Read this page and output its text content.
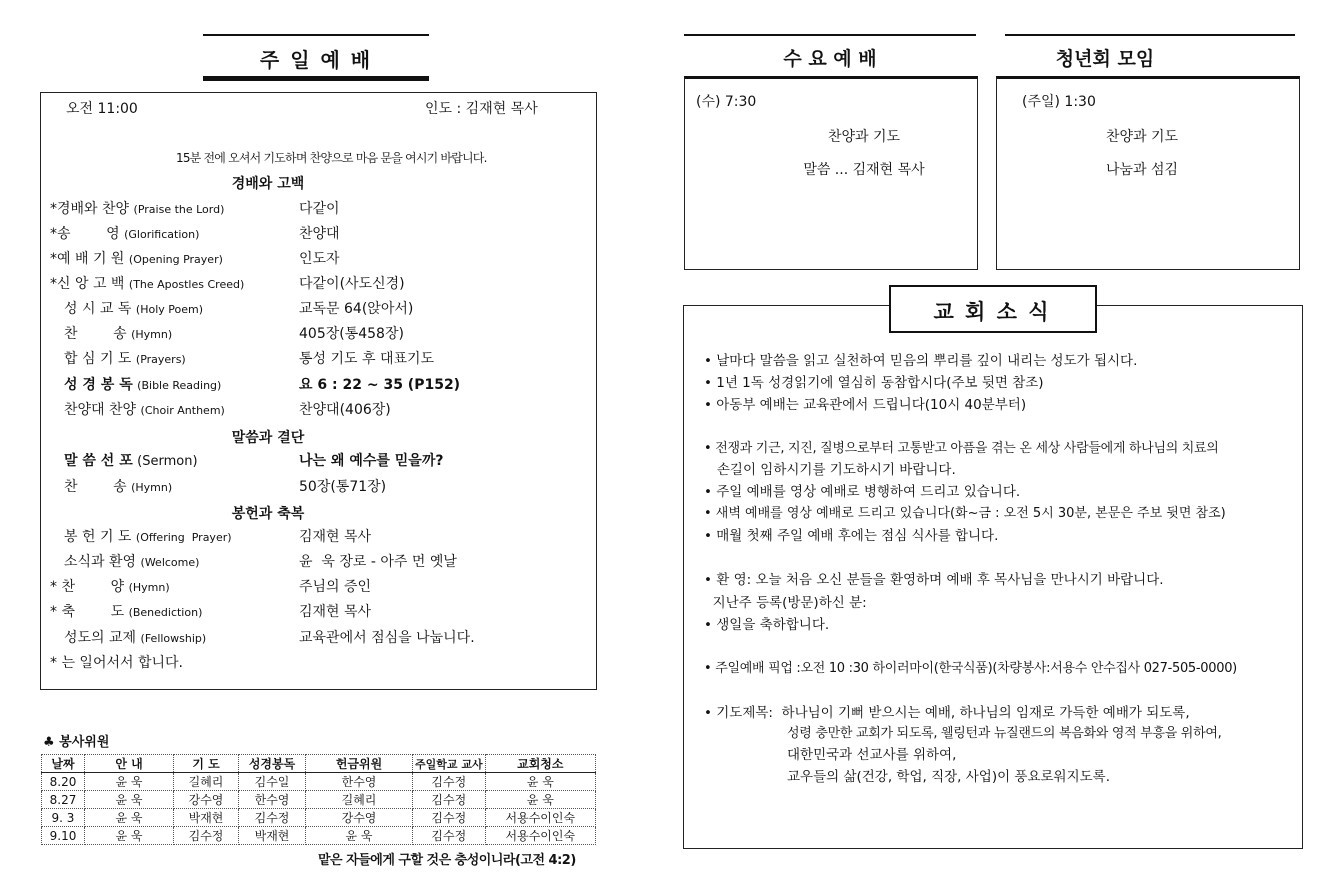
주 일 예 배
오전 11:00	인도 : 김재현 목사
15분 전에 오셔서 기도하며 찬양으로 마음 문을 여시기 바랍니다.
경배와 고백
말씀과 결단
봉헌과 축복
*경배와 찬양 (Praise the Lord)	다같이
*송        영 (Glorification)	찬양대
*예 배 기 원 (Opening Prayer)	인도자
*신 앙 고 백 (The Apostles Creed)	다같이(사도신경)
성 시 교 독 (Holy Poem)	교독문 64(앉아서)
찬        송 (Hymn)	405장(통458장)
합 심 기 도 (Prayers)	통성 기도 후 대표기도
성 경 봉 독 (Bible Reading)	요 6 : 22 ~ 35 (P152)
찬양대 찬양 (Choir Anthem)	찬양대(406장)
말 씀 선 포 (Sermon)	나는 왜 예수를 믿을까?
찬        송 (Hymn)	50장(통71장)
봉 헌 기 도 (Offering  Prayer)	김재현 목사
소식과 환영 (Welcome)	윤  욱 장로 - 아주 먼 옛날
* 찬        양 (Hymn)	주님의 증인
* 축        도 (Benediction)	김재현 목사
성도의 교제 (Fellowship)	교육관에서 점심을 나눕니다.
* 는 일어서서 합니다.
♣ 봉사위원
날짜	안 내	기 도	성경봉독	헌금위원	주일학교 교사	교회청소
8.20	윤 욱	길혜리	김수일	한수영	김수정	윤 욱
8.27	윤 욱	강수영	한수영	길혜리	김수정	윤 욱
9. 3	윤 욱	박재현	김수정	강수영	김수정	서용수이인숙
9.10	윤 욱	김수정	박재현	윤 욱	김수정	서용수이인숙
맡은 자들에게 구할 것은 충성이니라(고전 4:2)
수 요 예 배
(수) 7:30
찬양과 기도
말씀 ... 김재현 목사
청년회 모임
(주일) 1:30
찬양과 기도
나눔과 섬김
교 회 소 식
• 날마다 말씀을 읽고 실천하여 믿음의 뿌리를 깊이 내리는 성도가 됩시다.
• 1년 1독 성경읽기에 열심히 동참합시다(주보 뒷면 참조)
• 아동부 예배는 교육관에서 드립니다(10시 40분부터)
• 전쟁과 기근, 지진, 질병으로부터 고통받고 아픔을 겪는 온 세상 사람들에게 하나님의 치료의
손길이 임하시기를 기도하시기 바랍니다.
• 주일 예배를 영상 예배로 병행하여 드리고 있습니다.
• 새벽 예배를 영상 예배로 드리고 있습니다(화~금 : 오전 5시 30분, 본문은 주보 뒷면 참조)
• 매월 첫째 주일 예배 후에는 점심 식사를 합니다.
• 환 영: 오늘 처음 오신 분들을 환영하며 예배 후 목사님을 만나시기 바랍니다.
지난주 등록(방문)하신 분:
• 생일을 축하합니다.
• 주일예배 픽업 :오전 10 :30 하이러마이(한국식품)(차량봉사:서용수 안수집사 027-505-0000)
• 기도제목:  하나님이 기뻐 받으시는 예배, 하나님의 임재로 가득한 예배가 되도록,
성령 충만한 교회가 되도록, 웰링턴과 뉴질랜드의 복음화와 영적 부흥을 위하여,
대한민국과 선교사를 위하여,
교우들의 삶(건강, 학업, 직장, 사업)이 풍요로워지도록.
